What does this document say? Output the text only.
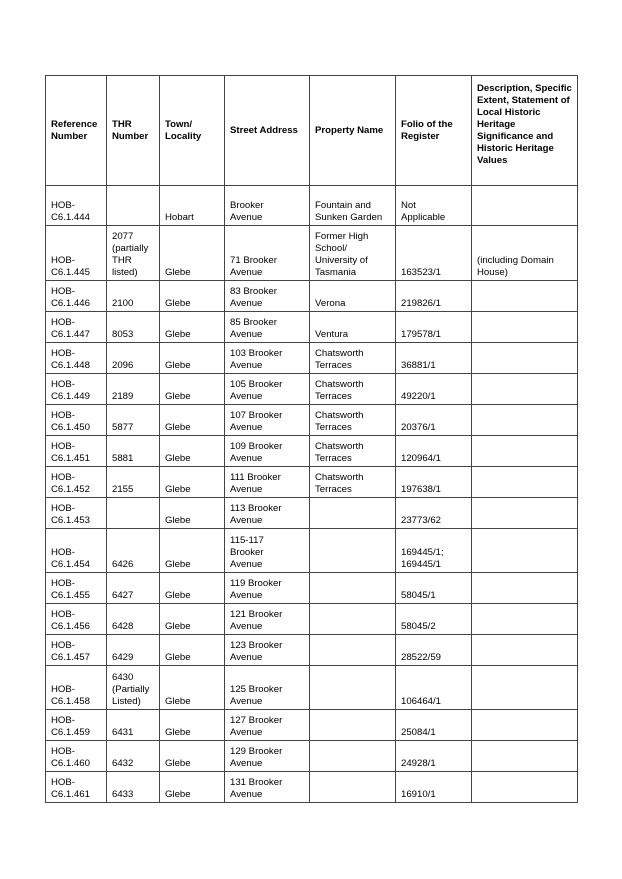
Reference Number	THR Number	Town/ Locality	Street Address	Property Name	Folio of the Register	Description, Specific Extent, Statement of Local Historic Heritage Significance and Historic Heritage Values
HOB-
C6.1.444		Hobart	Brooker
Avenue	Fountain and
Sunken Garden	Not
Applicable	
HOB-
C6.1.445	2077
(partially
THR
listed)	Glebe	71 Brooker
Avenue	Former High
School/
University of
Tasmania	163523/1	(including Domain
House)
HOB-
C6.1.446	2100	Glebe	83 Brooker
Avenue	Verona	219826/1	
HOB-
C6.1.447	8053	Glebe	85 Brooker
Avenue	Ventura	179578/1	
HOB-
C6.1.448	2096	Glebe	103 Brooker
Avenue	Chatsworth
Terraces	36881/1	
HOB-
C6.1.449	2189	Glebe	105 Brooker
Avenue	Chatsworth
Terraces	49220/1	
HOB-
C6.1.450	5877	Glebe	107 Brooker
Avenue	Chatsworth
Terraces	20376/1	
HOB-
C6.1.451	5881	Glebe	109 Brooker
Avenue	Chatsworth
Terraces	120964/1	
HOB-
C6.1.452	2155	Glebe	111 Brooker
Avenue	Chatsworth
Terraces	197638/1	
HOB-
C6.1.453		Glebe	113 Brooker
Avenue		23773/62	
HOB-
C6.1.454	6426	Glebe	115-117
Brooker
Avenue		169445/1;
169445/1	
HOB-
C6.1.455	6427	Glebe	119 Brooker
Avenue		58045/1	
HOB-
C6.1.456	6428	Glebe	121 Brooker
Avenue		58045/2	
HOB-
C6.1.457	6429	Glebe	123 Brooker
Avenue		28522/59	
HOB-
C6.1.458	6430
(Partially
Listed)	Glebe	125 Brooker
Avenue		106464/1	
HOB-
C6.1.459	6431	Glebe	127 Brooker
Avenue		25084/1	
HOB-
C6.1.460	6432	Glebe	129 Brooker
Avenue		24928/1	
HOB-
C6.1.461	6433	Glebe	131 Brooker
Avenue		16910/1	
